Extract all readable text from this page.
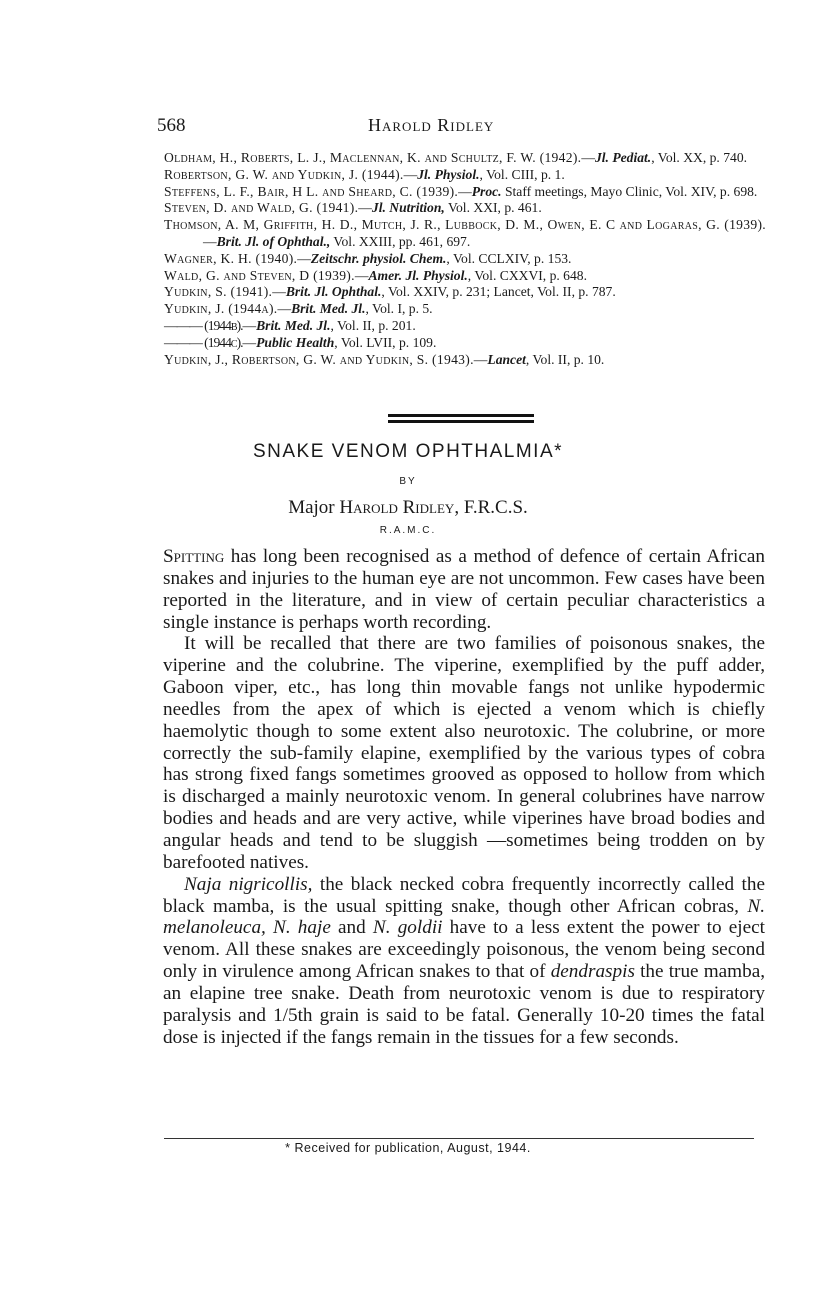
568	Harold Ridley

Oldham, H., Roberts, L. J., Maclennan, K. and Schultz, F. W. (1942).—Jl. Pediat., Vol. XX, p. 740.

Robertson, G. W. and Yudkin, J. (1944).—Jl. Physiol., Vol. CIII, p. 1.

Steffens, L. F., Bair, H L. and Sheard, C. (1939).—Proc. Staff meetings, Mayo Clinic, Vol. XIV, p. 698.

Steven, D. and Wald, G. (1941).—Jl. Nutrition, Vol. XXI, p. 461.

Thomson, A. M, Griffith, H. D., Mutch, J. R., Lubbock, D. M., Owen, E. C and Logaras, G. (1939).—Brit. Jl. of Ophthal., Vol. XXIII, pp. 461, 697.

Wagner, K. H. (1940).—Zeitschr. physiol. Chem., Vol. CCLXIV, p. 153.

Wald, G. and Steven, D (1939).—Amer. Jl. Physiol., Vol. CXXVI, p. 648.

Yudkin, S. (1941).—Brit. Jl. Ophthal., Vol. XXIV, p. 231; Lancet, Vol. II, p. 787.

Yudkin, J. (1944a).—Brit. Med. Jl., Vol. I, p. 5.

——— (1944b).—Brit. Med. Jl., Vol. II, p. 201.

——— (1944c).—Public Health, Vol. LVII, p. 109.

Yudkin, J., Robertson, G. W. and Yudkin, S. (1943).—Lancet, Vol. II, p. 10.

SNAKE VENOM OPHTHALMIA*
BY
Major Harold Ridley, F.R.C.S.
R.A.M.C.

Spitting has long been recognised as a method of defence of certain African snakes and injuries to the human eye are not uncommon. Few cases have been reported in the literature, and in view of certain peculiar characteristics a single instance is perhaps worth recording.

It will be recalled that there are two families of poisonous snakes, the viperine and the colubrine. The viperine, exemplified by the puff adder, Gaboon viper, etc., has long thin movable fangs not unlike hypodermic needles from the apex of which is ejected a venom which is chiefly haemolytic though to some extent also neurotoxic. The colubrine, or more correctly the sub-family elapine, exemplified by the various types of cobra has strong fixed fangs sometimes grooved as opposed to hollow from which is discharged a mainly neurotoxic venom. In general colubrines have narrow bodies and heads and are very active, while viperines have broad bodies and angular heads and tend to be sluggish —sometimes being trodden on by barefooted natives.

Naja nigricollis, the black necked cobra frequently incorrectly called the black mamba, is the usual spitting snake, though other African cobras, N. melanoleuca, N. haje and N. goldii have to a less extent the power to eject venom. All these snakes are exceedingly poisonous, the venom being second only in virulence among African snakes to that of dendraspis the true mamba, an elapine tree snake. Death from neurotoxic venom is due to respiratory paralysis and 1/5th grain is said to be fatal. Generally 10-20 times the fatal dose is injected if the fangs remain in the tissues for a few seconds.

* Received for publication, August, 1944.
